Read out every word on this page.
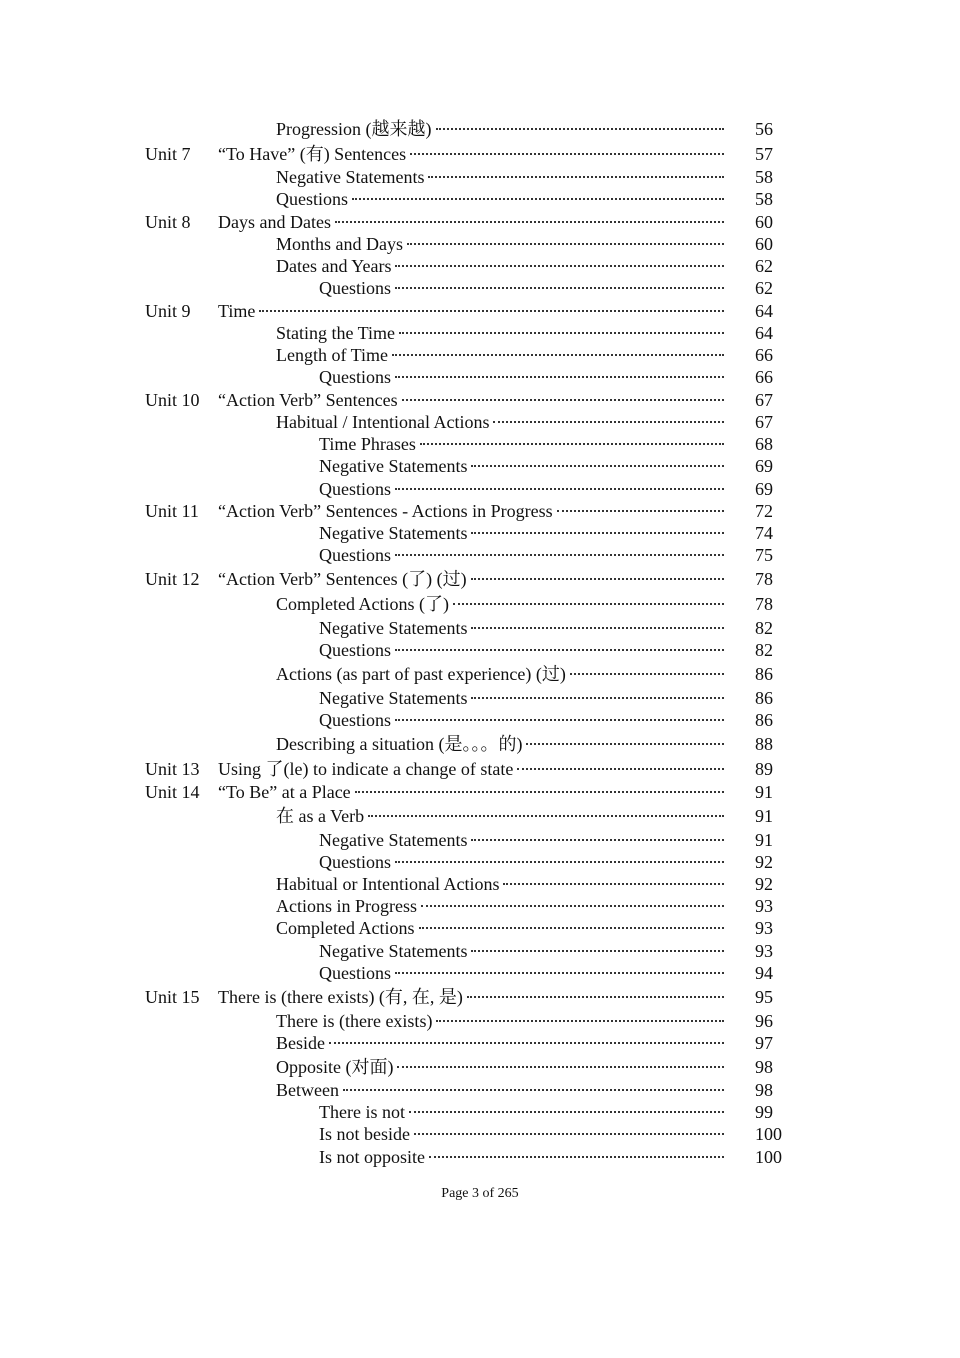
Progression (越来越)	56
Unit 7 “To Have” (有) Sentences	57
Negative Statements	58
Questions	58
Unit 8 Days and Dates	60
Months and Days	60
Dates and Years	62
Questions	62
Unit 9 Time	64
Stating the Time	64
Length of Time	66
Questions	66
Unit 10 “Action Verb” Sentences	67
Habitual / Intentional Actions	67
Time Phrases	68
Negative Statements	69
Questions	69
Unit 11 “Action Verb” Sentences - Actions in Progress	72
Negative Statements	74
Questions	75
Unit 12 “Action Verb” Sentences (了) (过)	78
Completed Actions (了)	78
Negative Statements	82
Questions	82
Actions (as part of past experience) (过)	86
Negative Statements	86
Questions	86
Describing a situation (是。。。的)	88
Unit 13 Using 了(le) to indicate a change of state	89
Unit 14 “To Be” at a Place	91
在 as a Verb	91
Negative Statements	91
Questions	92
Habitual or Intentional Actions	92
Actions in Progress	93
Completed Actions	93
Negative Statements	93
Questions	94
Unit 15 There is (there exists) (有, 在, 是)	95
There is (there exists)	96
Beside	97
Opposite (对面)	98
Between	98
There is not	99
Is not beside	100
Is not opposite	100
Page 3 of 265
